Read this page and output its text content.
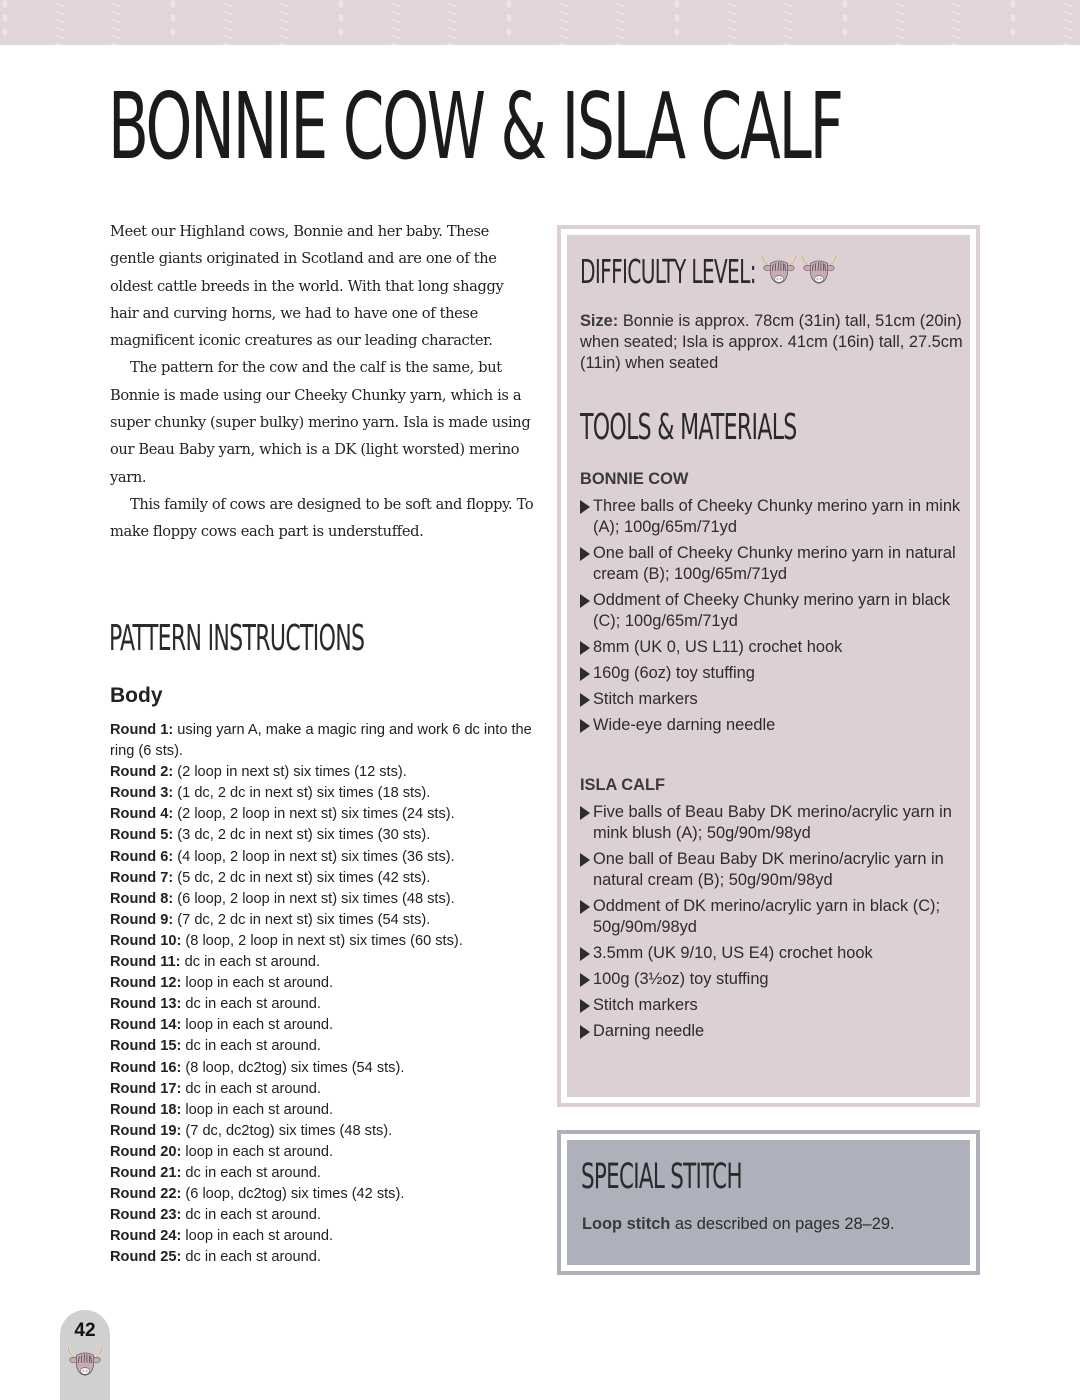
BONNIE COW & ISLA CALF

Meet our Highland cows, Bonnie and her baby. These gentle giants originated in Scotland and are one of the oldest cattle breeds in the world. With that long shaggy hair and curving horns, we had to have one of these magnificent iconic creatures as our leading character.

The pattern for the cow and the calf is the same, but Bonnie is made using our Cheeky Chunky yarn, which is a super chunky (super bulky) merino yarn. Isla is made using our Beau Baby yarn, which is a DK (light worsted) merino yarn.

This family of cows are designed to be soft and floppy. To make floppy cows each part is understuffed.

PATTERN INSTRUCTIONS
Body
Round 1: using yarn A, make a magic ring and work 6 dc into the ring (6 sts).
Round 2: (2 loop in next st) six times (12 sts).
Round 3: (1 dc, 2 dc in next st) six times (18 sts).
Round 4: (2 loop, 2 loop in next st) six times (24 sts).
Round 5: (3 dc, 2 dc in next st) six times (30 sts).
Round 6: (4 loop, 2 loop in next st) six times (36 sts).
Round 7: (5 dc, 2 dc in next st) six times (42 sts).
Round 8: (6 loop, 2 loop in next st) six times (48 sts).
Round 9: (7 dc, 2 dc in next st) six times (54 sts).
Round 10: (8 loop, 2 loop in next st) six times (60 sts).
Round 11: dc in each st around.
Round 12: loop in each st around.
Round 13: dc in each st around.
Round 14: loop in each st around.
Round 15: dc in each st around.
Round 16: (8 loop, dc2tog) six times (54 sts).
Round 17: dc in each st around.
Round 18: loop in each st around.
Round 19: (7 dc, dc2tog) six times (48 sts).
Round 20: loop in each st around.
Round 21: dc in each st around.
Round 22: (6 loop, dc2tog) six times (42 sts).
Round 23: dc in each st around.
Round 24: loop in each st around.
Round 25: dc in each st around.
DIFFICULTY LEVEL:
Size: Bonnie is approx. 78cm (31in) tall, 51cm (20in) when seated; Isla is approx. 41cm (16in) tall, 27.5cm (11in) when seated
TOOLS & MATERIALS
BONNIE COW
Three balls of Cheeky Chunky merino yarn in mink (A); 100g/65m/71yd
One ball of Cheeky Chunky merino yarn in natural cream (B); 100g/65m/71yd
Oddment of Cheeky Chunky merino yarn in black (C); 100g/65m/71yd
8mm (UK 0, US L11) crochet hook
160g (6oz) toy stuffing
Stitch markers
Wide-eye darning needle
ISLA CALF
Five balls of Beau Baby DK merino/acrylic yarn in mink blush (A); 50g/90m/98yd
One ball of Beau Baby DK merino/acrylic yarn in natural cream (B); 50g/90m/98yd
Oddment of DK merino/acrylic yarn in black (C); 50g/90m/98yd
3.5mm (UK 9/10, US E4) crochet hook
100g (3½oz) toy stuffing
Stitch markers
Darning needle
SPECIAL STITCH
Loop stitch as described on pages 28–29.
42
